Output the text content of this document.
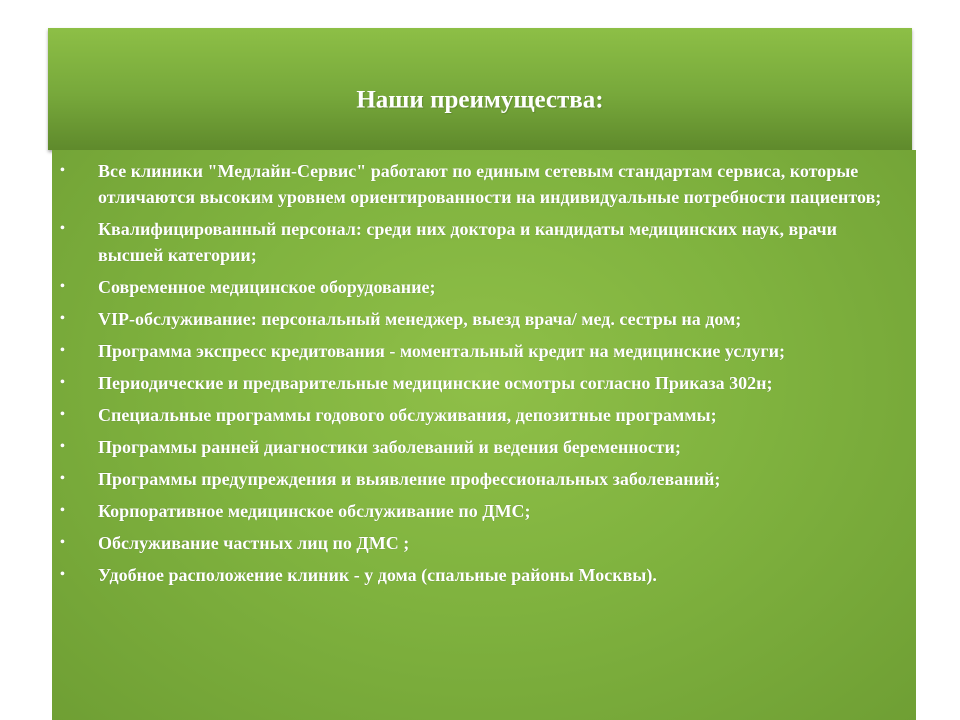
Наши преимущества:
• Все клиники "Медлайн-Сервис" работают по единым сетевым стандартам сервиса, которые отличаются высоким уровнем ориентированности на индивидуальные потребности пациентов;
• Квалифицированный персонал: среди них доктора и кандидаты медицинских наук, врачи высшей категории;
• Современное медицинское оборудование;
• VIP-обслуживание: персональный менеджер, выезд врача/ мед. сестры на дом;
• Программа экспресс кредитования - моментальный кредит на медицинские услуги;
• Периодические и предварительные медицинские осмотры согласно Приказа 302н;
• Специальные программы годового обслуживания, депозитные программы;
• Программы ранней диагностики заболеваний и ведения беременности;
• Программы предупреждения и выявление профессиональных заболеваний;
• Корпоративное медицинское обслуживание по ДМС;
• Обслуживание частных лиц по ДМС ;
• Удобное расположение клиник - у дома (спальные районы Москвы).
